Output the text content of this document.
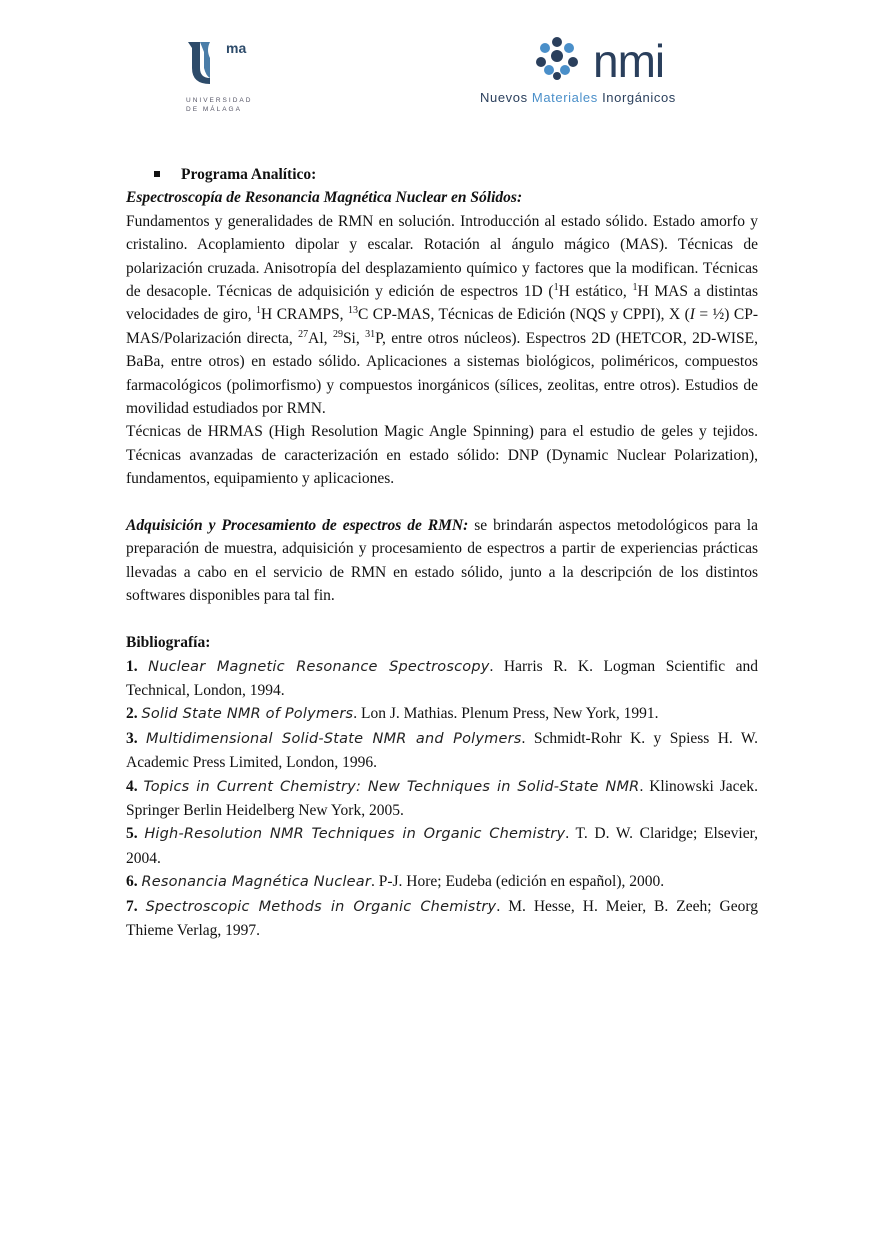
ma
UNIVERSIDAD
DE MÁLAGA
nmi
Nuevos Materiales Inorgánicos
Programa Analítico:
Espectroscopía de Resonancia Magnética Nuclear en Sólidos:

Fundamentos y generalidades de RMN en solución. Introducción al estado sólido. Estado amorfo y cristalino. Acoplamiento dipolar y escalar. Rotación al ángulo mágico (MAS). Técnicas de polarización cruzada. Anisotropía del desplazamiento químico y factores que la modifican. Técnicas de desacople. Técnicas de adquisición y edición de espectros 1D ($^1$H estático, $^1$H MAS a distintas velocidades de giro, $^1$H CRAMPS, $^{13}$C CP-MAS, Técnicas de Edición (NQS y CPPI), X (I = ½) CP-MAS/Polarización directa, $^{27}$Al, $^{29}$Si, $^{31}$P, entre otros núcleos). Espectros 2D (HETCOR, 2D-WISE, BaBa, entre otros) en estado sólido. Aplicaciones a sistemas biológicos, poliméricos, compuestos farmacológicos (polimorfismo) y compuestos inorgánicos (sílices, zeolitas, entre otros). Estudios de movilidad estudiados por RMN.

Técnicas de HRMAS (High Resolution Magic Angle Spinning) para el estudio de geles y tejidos. Técnicas avanzadas de caracterización en estado sólido: DNP (Dynamic Nuclear Polarization), fundamentos, equipamiento y aplicaciones.

Adquisición y Procesamiento de espectros de RMN: se brindarán aspectos metodológicos para la preparación de muestra, adquisición y procesamiento de espectros a partir de experiencias prácticas llevadas a cabo en el servicio de RMN en estado sólido, junto a la descripción de los distintos softwares disponibles para tal fin.

Bibliografía:

1. Nuclear Magnetic Resonance Spectroscopy. Harris R. K. Logman Scientific and Technical, London, 1994.

2. Solid State NMR of Polymers. Lon J. Mathias. Plenum Press, New York, 1991.

3. Multidimensional Solid-State NMR and Polymers. Schmidt-Rohr K. y Spiess H. W. Academic Press Limited, London, 1996.

4. Topics in Current Chemistry: New Techniques in Solid-State NMR. Klinowski Jacek. Springer Berlin Heidelberg New York, 2005.

5. High-Resolution NMR Techniques in Organic Chemistry. T. D. W. Claridge; Elsevier, 2004.

6. Resonancia Magnética Nuclear. P-J. Hore; Eudeba (edición en español), 2000.

7. Spectroscopic Methods in Organic Chemistry. M. Hesse, H. Meier, B. Zeeh; Georg Thieme Verlag, 1997.
